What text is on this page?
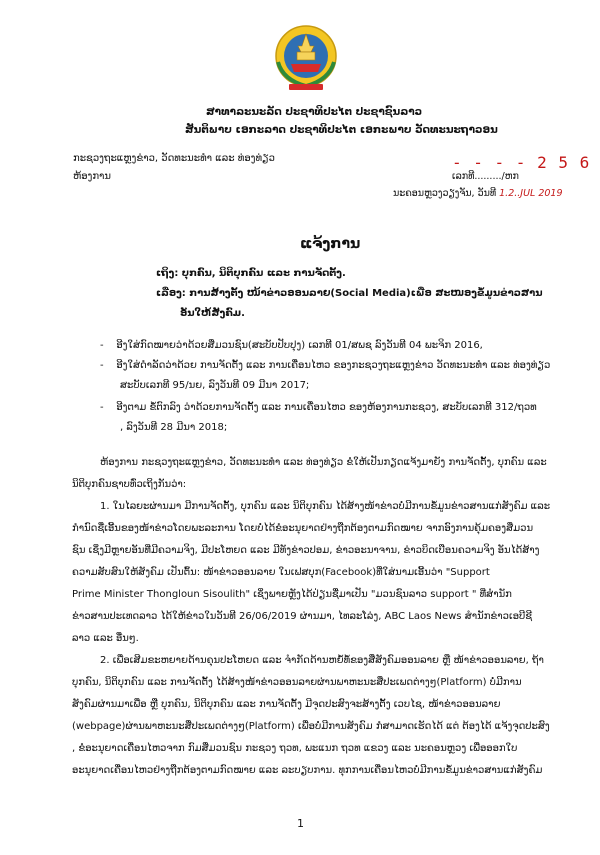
ສາທາລະນະລັດ ປະຊາທິປະໄຕ ປະຊາຊົນລາວ
ສັນຕິພາບ ເອກະລາດ ປະຊາທິປະໄຕ ເອກະພາບ ວັດທະນະຖາວອນ
ກະຊວງຖະແຫຼງຂ່າວ, ວັດທະນະທຳ ແລະ ທ່ອງທ່ຽວ
ຫ້ອງການ
- - - - 2 5 6
ເລກທີ........./ຫກ
ນະຄອນຫຼວງວຽງຈັນ, ວັນທີ 1.2..JUL 2019
ແຈ້ງການ
ເຖິງ: ບຸກຄົນ, ນິຕິບຸກຄົນ ແລະ ການຈັດຕັ້ງ.
ເລື່ອງ: ການສ້າງຕັ້ງ ໜ້າຂ່າວອອນລາຍ(Social Media)ເພື່ອ ສະໜອງຂໍ້ມູນຂ່າວສານ
ອັນໃຫ້ສັງຄົມ.
-    ອີງໃສ່ກົດໝາຍວ່າດ້ວຍສື່ມວນຊົນ(ສະບັບປັບປຸງ) ເລກທີ 01/ສພຊ ລົງວັນທີ 04 ພະຈິກ 2016,
-    ອີງໃສ່ດຳລັດວ່າດ້ວຍ ການຈັດຕັ້ງ ແລະ ການເຄື່ອນໄຫວ ຂອງກະຊວງຖະແຫຼງຂ່າວ ວັດທະນະທຳ ແລະ ທ່ອງທ່ຽວ
ສະບັບເລກທີ 95/ນຍ, ລົງວັນທີ 09 ມີນາ 2017;
-    ອີງຕາມ ຂໍ້ຕົກລົງ ວ່າດ້ວຍການຈັດຕັ້ງ ແລະ ການເຄື່ອນໄຫວ ຂອງຫ້ອງການກະຊວງ, ສະບັບເລກທີ 312/ຖວທ
, ລົງວັນທີ 28 ມີນາ 2018;
ຫ້ອງການ ກະຊວງຖະແຫຼງຂ່າວ, ວັດທະນະທຳ ແລະ ທ່ອງທ່ຽວ ຂໍໃຫ້ເປັນກຽດແຈ້ງມາຍັງ ການຈັດຕັ້ງ, ບຸກຄົນ ແລະ
ນິຕິບຸກຄົນຊາບທົ່ວເຖິງກັນວ່າ:
1. ໃນໄລຍະຜ່ານມາ ມີການຈັດຕັ້ງ, ບຸກຄົນ ແລະ ນິຕິບຸກຄົນ ໄດ້ສ້າງໜ້າຂ່າວບໍ່ມີການຂໍ້ມູນຂ່າວສານແກ່ສັງຄົມ ແລະ
ກຳນົດຊື່ເອີ້ນຂອງໜ້າຂ່າວໂດຍພະລະການ ໂດຍບໍ່ໄດ້ຂໍອະນຸຍາດຢ່າງຖືກຕ້ອງຕາມກົດໝາຍ ຈາກອົງການຄຸ້ມຄອງສື່ມວນ
ຊົນ ເຊິ່ງມີຫຼາຍອັນທີ່ມີຄວາມຈິງ, ມີປະໂຫຍດ ແລະ ມີທັງຂ່າວປອມ, ຂ່າວອະນາຈານ, ຂ່າວບິດເບືອນຄວາມຈິງ ອັນໄດ້ສ້າງ
ຄວາມສັບສົນໃຫ້ສັງຄົມ ເປັນຕົ້ນ: ໜ້າຂ່າວອອນລາຍ ໃນເຟສບຸກ(Facebook)ທີ່ໃສ່ນາມເອີ້ນວ່າ "Support
Prime Minister Thongloun Sisoulith" ເຊິ່ງພາຍຫຼັງໄດ້ປ່ຽນຊື່ມາເປັນ "ມວນຊົນລາວ support " ທີ່ສຳນັກ
ຂ່າວສານປະເທດລາວ ໄດ້ໃຫ້ຂ່າວໃນວັນທີ 26/06/2019 ຜ່ານມາ, ໄທລະໂລ່ງ, ABC Laos News ສຳນັກຂ່າວເອບີຊີ
ລາວ ແລະ ອື່ນໆ.
2. ເພື່ອເສີມຂະຫຍາຍດ້ານຄຸນປະໂຫຍດ ແລະ ຈຳກັດດ້ານຫຍໍ້ທໍ້ຂອງສື່ສັງຄົມອອນລາຍ ຫຼື ໜ້າຂ່າວອອນລາຍ, ຖ້າ
ບຸກຄົນ, ນິຕິບຸກຄົນ ແລະ ການຈັດຕັ້ງ ໄດ້ສ້າງໜ້າຂ່າວອອນລາຍຜ່ານພາຫະນະສື່ປະເພດຕ່າງໆ(Platform) ບໍ່ມີການ
ສັງຄົມຜ່ານມາເພື່ອ ຫຼື ບຸກຄົນ, ນິຕິບຸກຄົນ ແລະ ການຈັດຕັ້ງ ມີຈຸດປະສົງຈະສ້າງຕັ້ງ ເວບໄຊ, ໜ້າຂ່າວອອນລາຍ
(webpage)ຜ່ານພາຫະນະສື່ປະເພດຕ່າງໆ(Platform) ເພື່ອບໍ່ມີການສັງຄົມ ກໍສາມາດເຮັດໄດ້ ແຕ່ ຕ້ອງໄດ້ ແຈ້ງຈຸດປະສົງ
, ຂໍອະນຸຍາດເຄື່ອນໄຫວຈາກ ກົມສື່ມວນຊົນ ກະຊວງ ຖວທ, ພະແນກ ຖວທ ແຂວງ ແລະ ນະຄອນຫຼວງ ເພື່ອອອກໃບ
ອະນຸຍາດເຄື່ອນໄຫວຢ່າງຖືກຕ້ອງຕາມກົດໝາຍ ແລະ ລະບຽບການ. ທຸກການເຄື່ອນໄຫວບໍ່ມີການຂໍ້ມູນຂ່າວສານແກ່ສັງຄົມ
1
